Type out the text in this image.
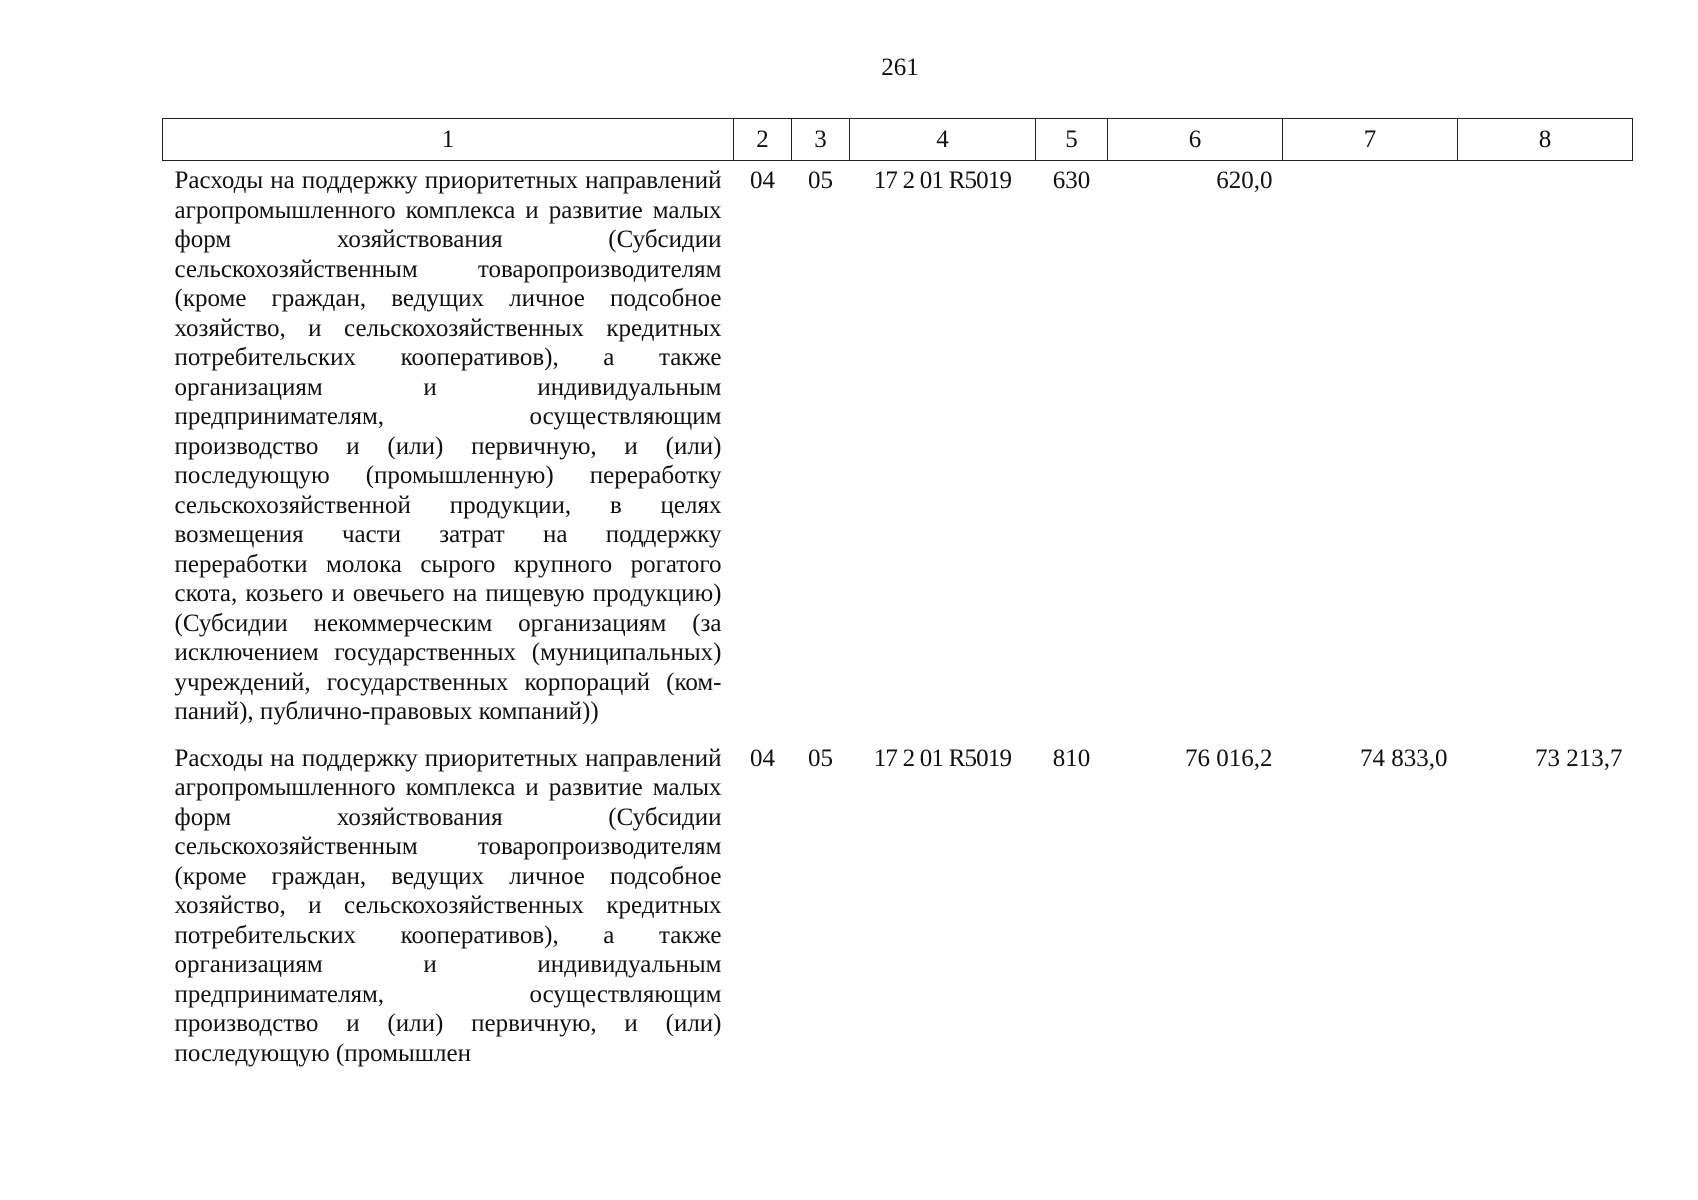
261
1	2	3	4	5	6	7	8
Расходы на поддержку приоритетных направлений агропромышленного комплекса и развитие малых форм хозяйствования (Субсидии сельскохозяйственным товаропроизводителям (кроме граждан, ведущих личное подсобное хозяйство, и сельскохозяйственных кредитных потребительских кооперативов), а также организациям и индивидуальным предпринимателям, осуществляющим производство и (или) первичную, и (или) последующую (промышленную) переработку сельскохозяйственной продукции, в целях возмещения части затрат на поддержку переработки молока сырого крупного рогатого скота, козьего и овечьего на пищевую продукцию) (Субсидии некоммерческим организациям (за исключением государственных (муниципальных) учреждений, государственных корпораций (компаний), публично-правовых компаний))	04	05	17 2 01 R5019	630	620,0		
Расходы на поддержку приоритетных направлений агропромышленного комплекса и развитие малых форм хозяйствования (Субсидии сельскохозяйственным товаропроизводителям (кроме граждан, ведущих личное подсобное хозяйство, и сельскохозяйственных кредитных потребительских кооперативов), а также организациям и индивидуальным предпринимателям, осуществляющим производство и (или) первичную, и (или) последующую (промышлен	04	05	17 2 01 R5019	810	76 016,2	74 833,0	73 213,7
